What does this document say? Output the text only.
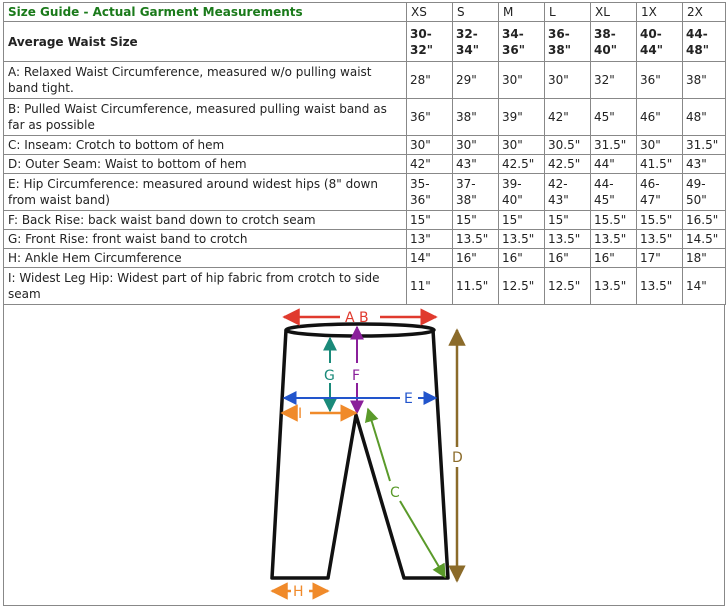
Size Guide - Actual Garment Measurements	XS	S	M	L	XL	1X	2X
Average Waist Size	30-32"	32-34"	34-36"	36-38"	38-40"	40-44"	44-48"
A: Relaxed Waist Circumference, measured w/o pulling waist band tight.	28"	29"	30"	30"	32"	36"	38"
B: Pulled Waist Circumference, measured pulling waist band as far as possible	36"	38"	39"	42"	45"	46"	48"
C: Inseam: Crotch to bottom of hem	30"	30"	30"	30.5"	31.5"	30"	31.5"
D: Outer Seam: Waist to bottom of hem	42"	43"	42.5"	42.5"	44"	41.5"	43"
E: Hip Circumference: measured around widest hips (8" down from waist band)	35-36"	37-38"	39-40"	42-43"	44-45"	46-47"	49-50"
F: Back Rise: back waist band down to crotch seam	15"	15"	15"	15"	15.5"	15.5"	16.5"
G: Front Rise: front waist band to crotch	13"	13.5"	13.5"	13.5"	13.5"	13.5"	14.5"
H: Ankle Hem Circumference	14"	16"	16"	16"	16"	17"	18"
I: Widest Leg Hip: Widest part of hip fabric from crotch to side seam	11"	11.5"	12.5"	12.5"	13.5"	13.5"	14"
A B
G F
E
I
D
C
H
